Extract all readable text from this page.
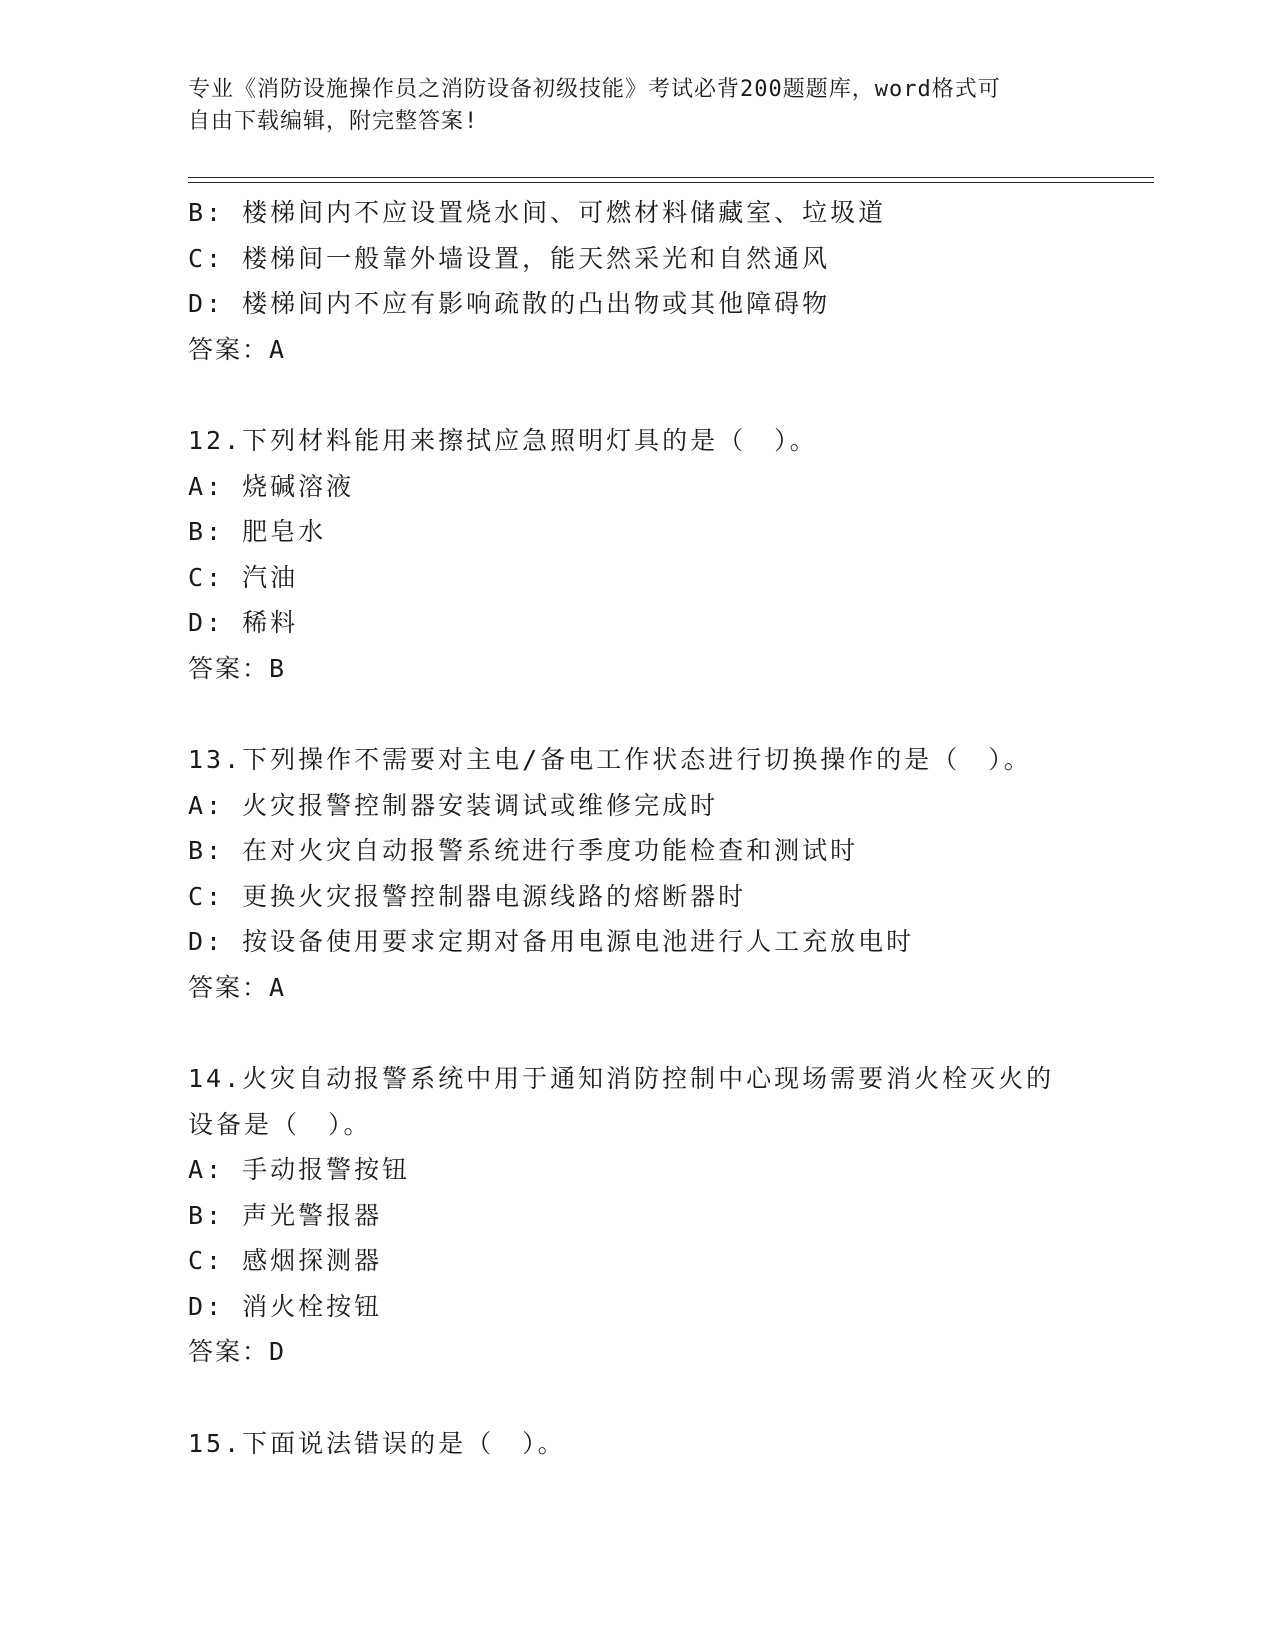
专业《消防设施操作员之消防设备初级技能》考试必背200题题库，word格式可
自由下载编辑，附完整答案!
B: 楼梯间内不应设置烧水间、可燃材料储藏室、垃圾道
C: 楼梯间一般靠外墙设置，能天然采光和自然通风
D: 楼梯间内不应有影响疏散的凸出物或其他障碍物
答案：A
12.下列材料能用来擦拭应急照明灯具的是（　）。
A: 烧碱溶液
B: 肥皂水
C: 汽油
D: 稀料
答案：B
13.下列操作不需要对主电/备电工作状态进行切换操作的是（　）。
A: 火灾报警控制器安装调试或维修完成时
B: 在对火灾自动报警系统进行季度功能检查和测试时
C: 更换火灾报警控制器电源线路的熔断器时
D: 按设备使用要求定期对备用电源电池进行人工充放电时
答案：A
14.火灾自动报警系统中用于通知消防控制中心现场需要消火栓灭火的
设备是（　）。
A: 手动报警按钮
B: 声光警报器
C: 感烟探测器
D: 消火栓按钮
答案：D
15.下面说法错误的是（　）。
